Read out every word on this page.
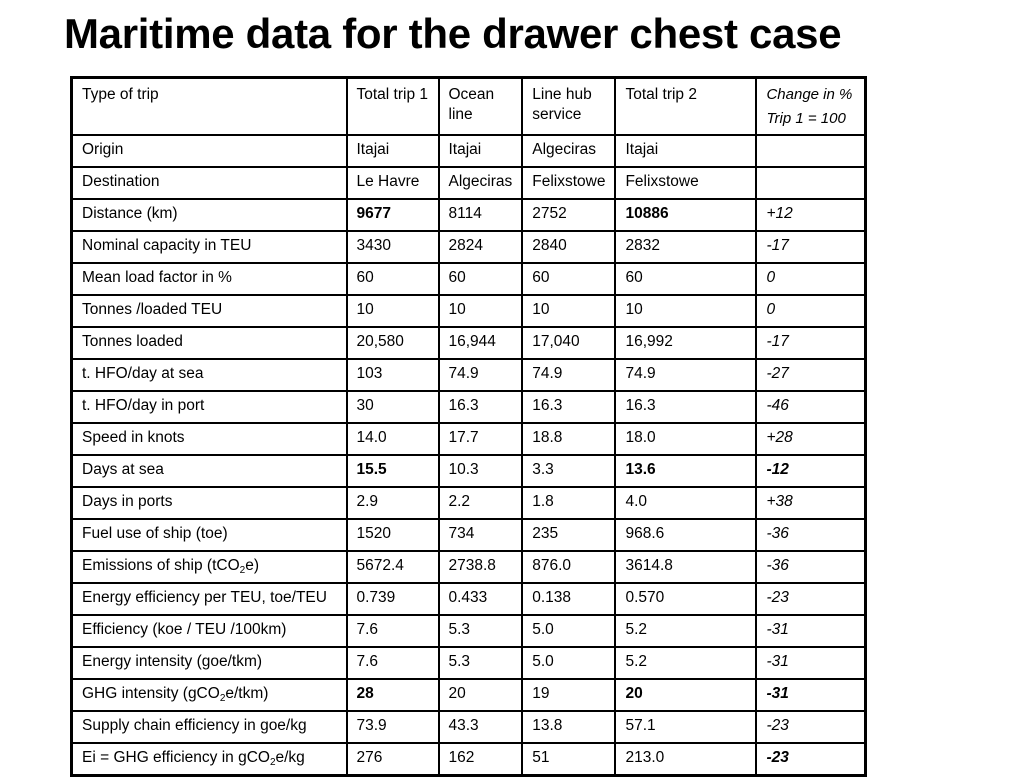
Maritime data for the drawer chest case
Type of trip	Total trip 1	Ocean line	Line hub service	Total trip 2	Change in %
Trip 1 = 100

Origin	Itajai	Itajai	Algeciras	Itajai	
Destination	Le Havre	Algeciras	Felixstowe	Felixstowe	
Distance (km)	9677	8114	2752	10886	+12
Nominal capacity in TEU	3430	2824	2840	2832	-17
Mean load factor in %	60	60	60	60	0
Tonnes /loaded TEU	10	10	10	10	0
Tonnes loaded	20,580	16,944	17,040	16,992	-17
t. HFO/day at sea	103	74.9	74.9	74.9	-27
t. HFO/day in port	30	16.3	16.3	16.3	-46
Speed in knots	14.0	17.7	18.8	18.0	+28
Days at sea	15.5	10.3	3.3	13.6	-12
Days in ports	2.9	2.2	1.8	4.0	+38
Fuel use of ship (toe)	1520	734	235	968.6	-36
Emissions of ship (tCO$_2$e)	5672.4	2738.8	876.0	3614.8	-36
Energy efficiency per TEU, toe/TEU	0.739	0.433	0.138	0.570	-23
Efficiency (koe / TEU /100km)	7.6	5.3	5.0	5.2	-31
Energy intensity (goe/tkm)	7.6	5.3	5.0	5.2	-31
GHG intensity (gCO$_2$e/tkm)	28	20	19	20	-31
Supply chain efficiency in goe/kg	73.9	43.3	13.8	57.1	-23
Ei = GHG efficiency in gCO$_2$e/kg	276	162	51	213.0	-23
